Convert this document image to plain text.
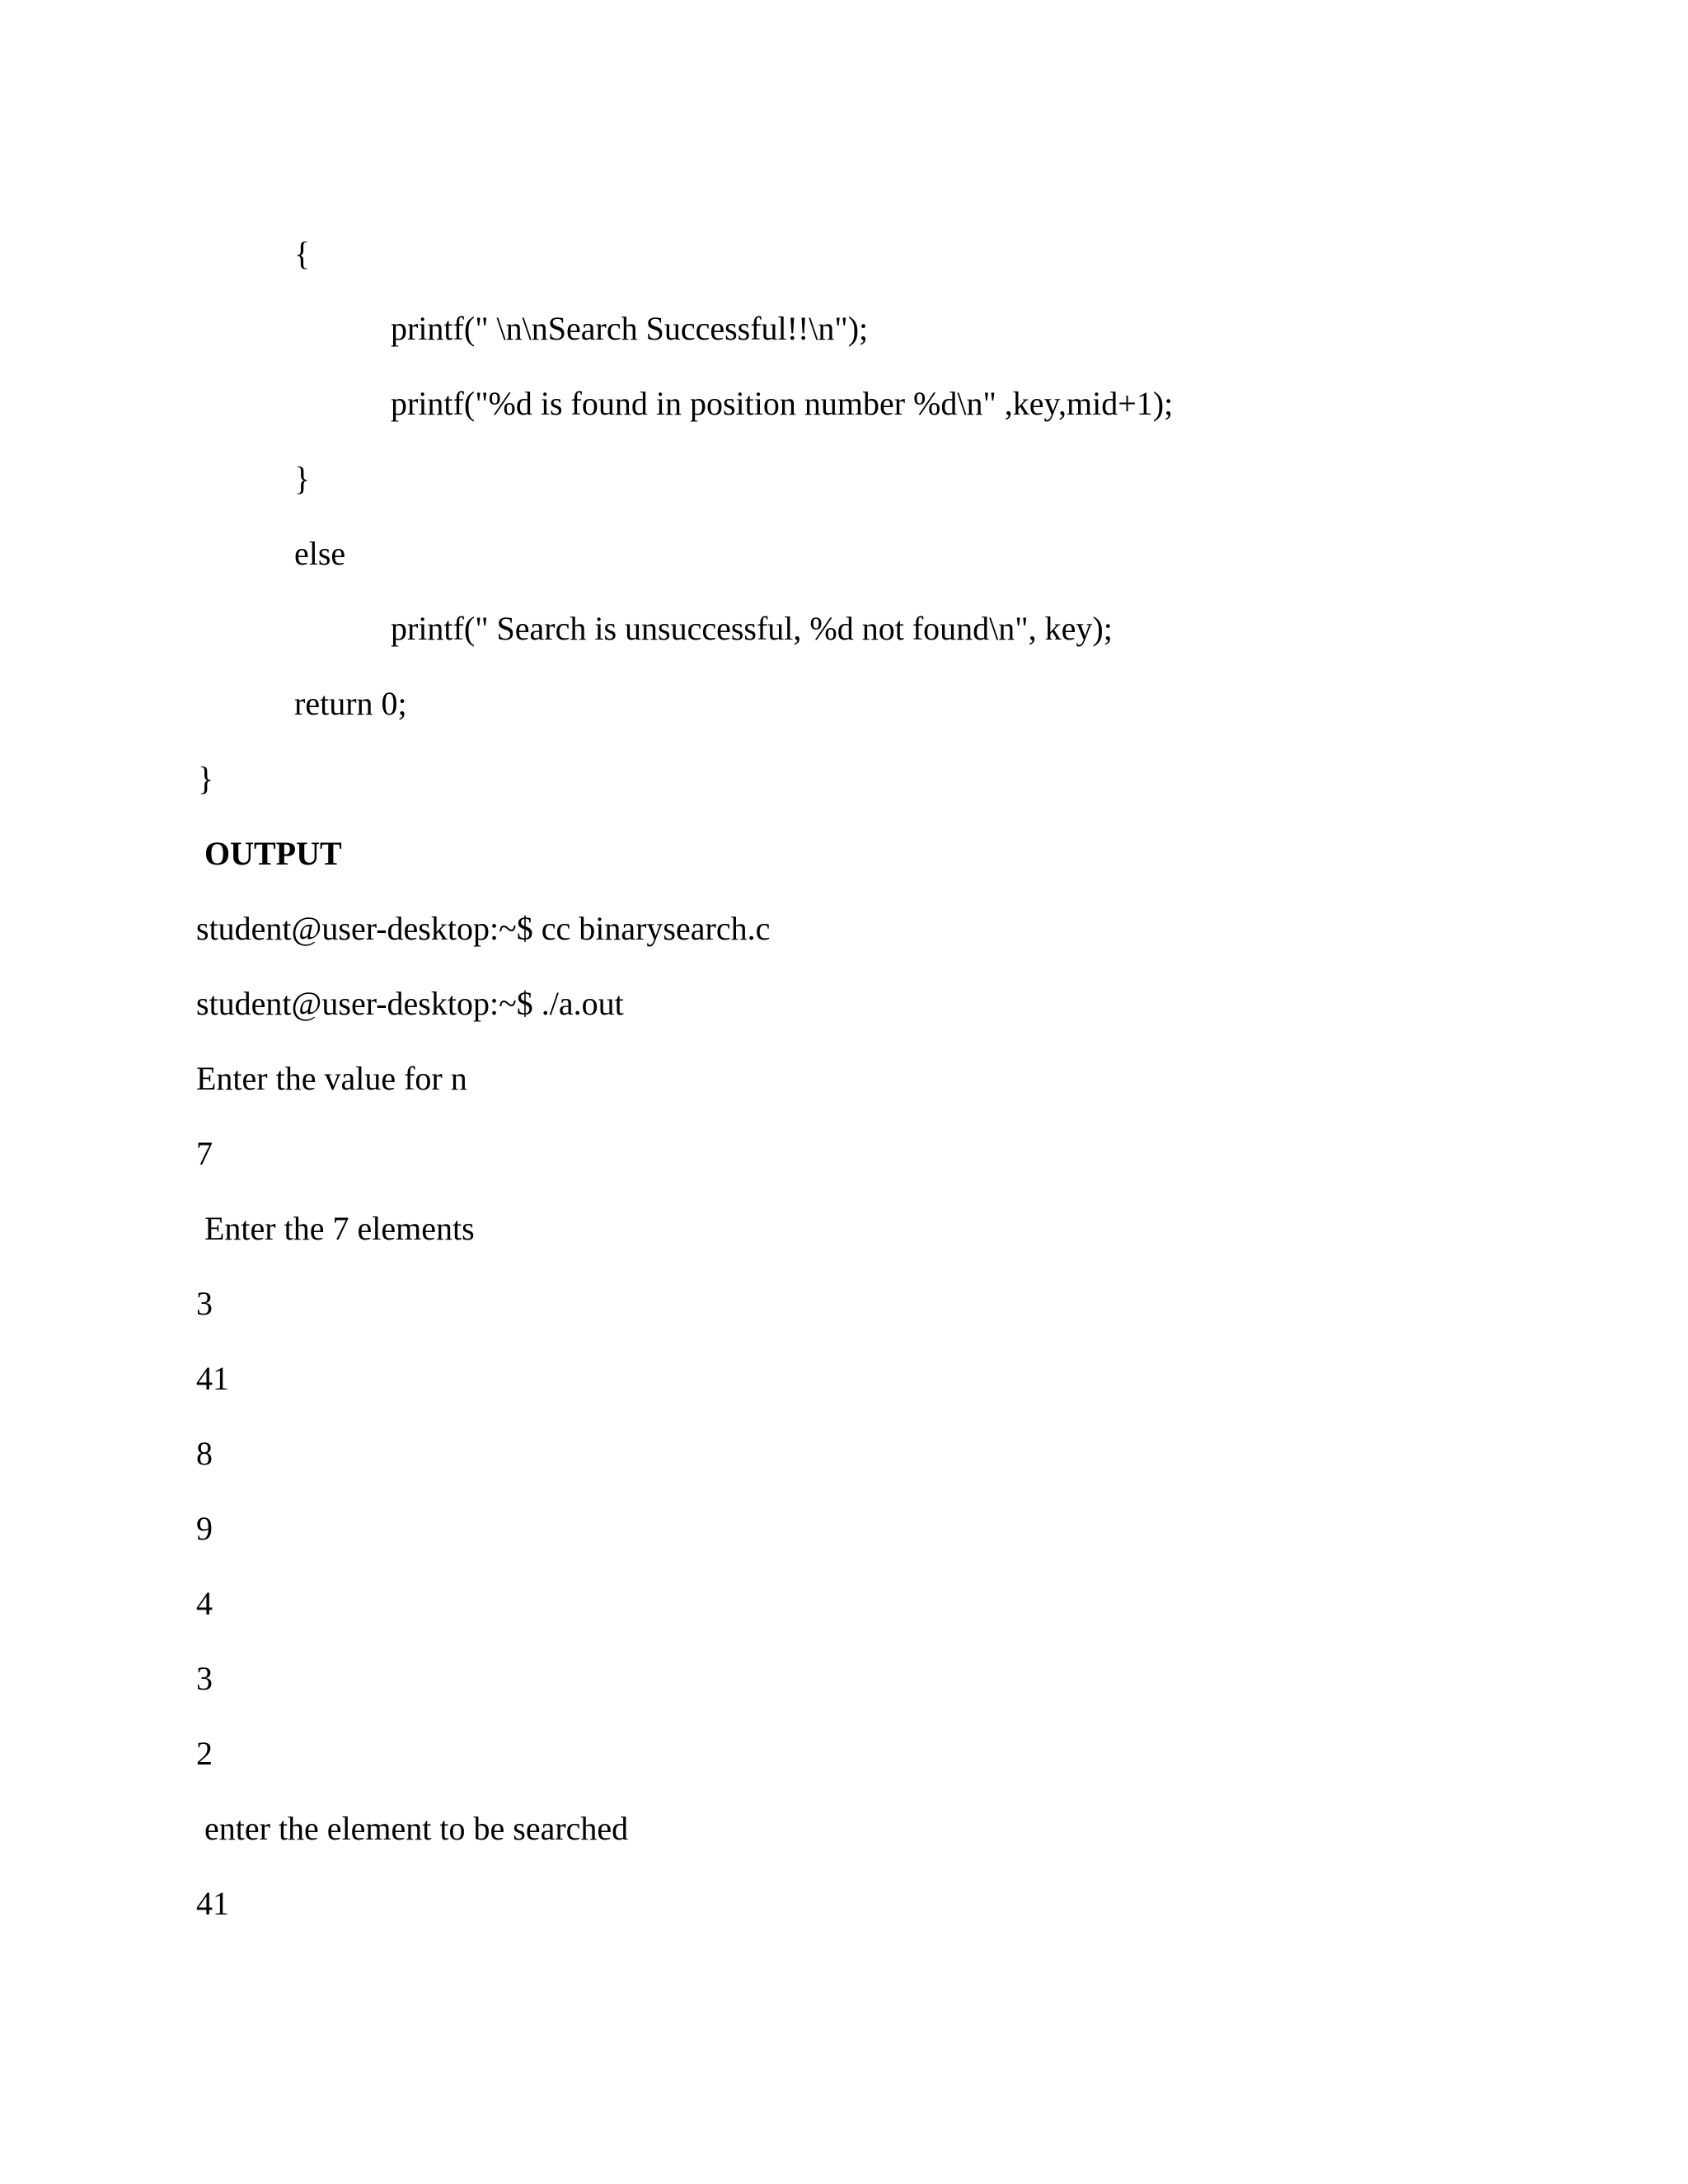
{
printf(" \n\nSearch Successful!!\n");
printf("%d is found in position number %d\n" ,key,mid+1);
}
else
printf(" Search is unsuccessful, %d not found\n", key);
return 0;
}
OUTPUT
student@user-desktop:~$ cc binarysearch.c
student@user-desktop:~$ ./a.out
Enter the value for n
7
Enter the 7 elements
3
41
8
9
4
3
2
enter the element to be searched
41
